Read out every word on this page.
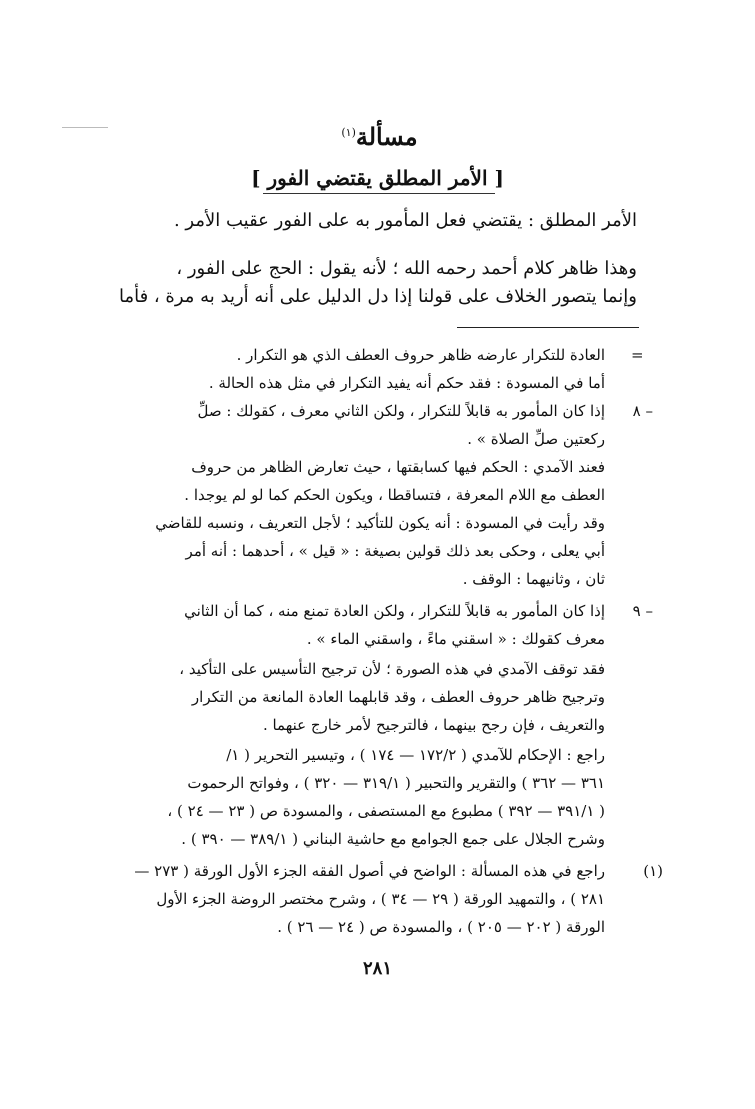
مسألة$^{(١)}$
[ الأمر المطلق يقتضي الفور ]
الأمر المطلق : يقتضي فعل المأمور به على الفور عقيب الأمر .
وهذا ظاهر كلام أحمد رحمه الله ؛ لأنه يقول : الحج على الفور ،
وإنما يتصور الخلاف على قولنا إذا دل الدليل على أنه أريد به مرة ، فأما
=
العادة للتكرار عارضه ظاهر حروف العطف الذي هو التكرار .
أما في المسودة : فقد حكم أنه يفيد التكرار في مثل هذه الحالة .
٨ –
إذا كان المأمور به قابلاً للتكرار ، ولكن الثاني معرف ، كقولك : صلِّ
ركعتين صلِّ الصلاة » .
فعند الآمدي : الحكم فيها كسابقتها ، حيث تعارض الظاهر من حروف
العطف مع اللام المعرفة ، فتساقطا ، ويكون الحكم كما لو لم يوجدا .
وقد رأيت في المسودة : أنه يكون للتأكيد ؛ لأجل التعريف ، ونسبه للقاضي
أبي يعلى ، وحكى بعد ذلك قولين بصيغة : « قيل » ، أحدهما : أنه أمر
ثان ، وثانيهما : الوقف .
٩ –
إذا كان المأمور به قابلاً للتكرار ، ولكن العادة تمنع منه ، كما أن الثاني
معرف كقولك : « اسقني ماءً ، واسقني الماء » .
فقد توقف الآمدي في هذه الصورة ؛ لأن ترجيح التأسيس على التأكيد ،
وترجيح ظاهر حروف العطف ، وقد قابلهما العادة المانعة من التكرار
والتعريف ، فإن رجح بينهما ، فالترجيح لأمر خارج عنهما .
راجع : الإحكام للآمدي ( ١٧٢/٢ — ١٧٤ ) ، وتيسير التحرير ( ١/
٣٦١ — ٣٦٢ ) والتقرير والتحبير ( ٣١٩/١ — ٣٢٠ ) ، وفواتح الرحموت
( ٣٩١/١ — ٣٩٢ ) مطبوع مع المستصفى ، والمسودة ص ( ٢٣ — ٢٤ ) ،
وشرح الجلال على جمع الجوامع مع حاشية البناني ( ٣٨٩/١ — ٣٩٠ ) .
(١)
راجع في هذه المسألة : الواضح في أصول الفقه الجزء الأول الورقة ( ٢٧٣ —
٢٨١ ) ، والتمهيد الورقة ( ٢٩ — ٣٤ ) ، وشرح مختصر الروضة الجزء الأول
الورقة ( ٢٠٢ — ٢٠٥ ) ، والمسودة ص ( ٢٤ — ٢٦ ) .
٢٨١
